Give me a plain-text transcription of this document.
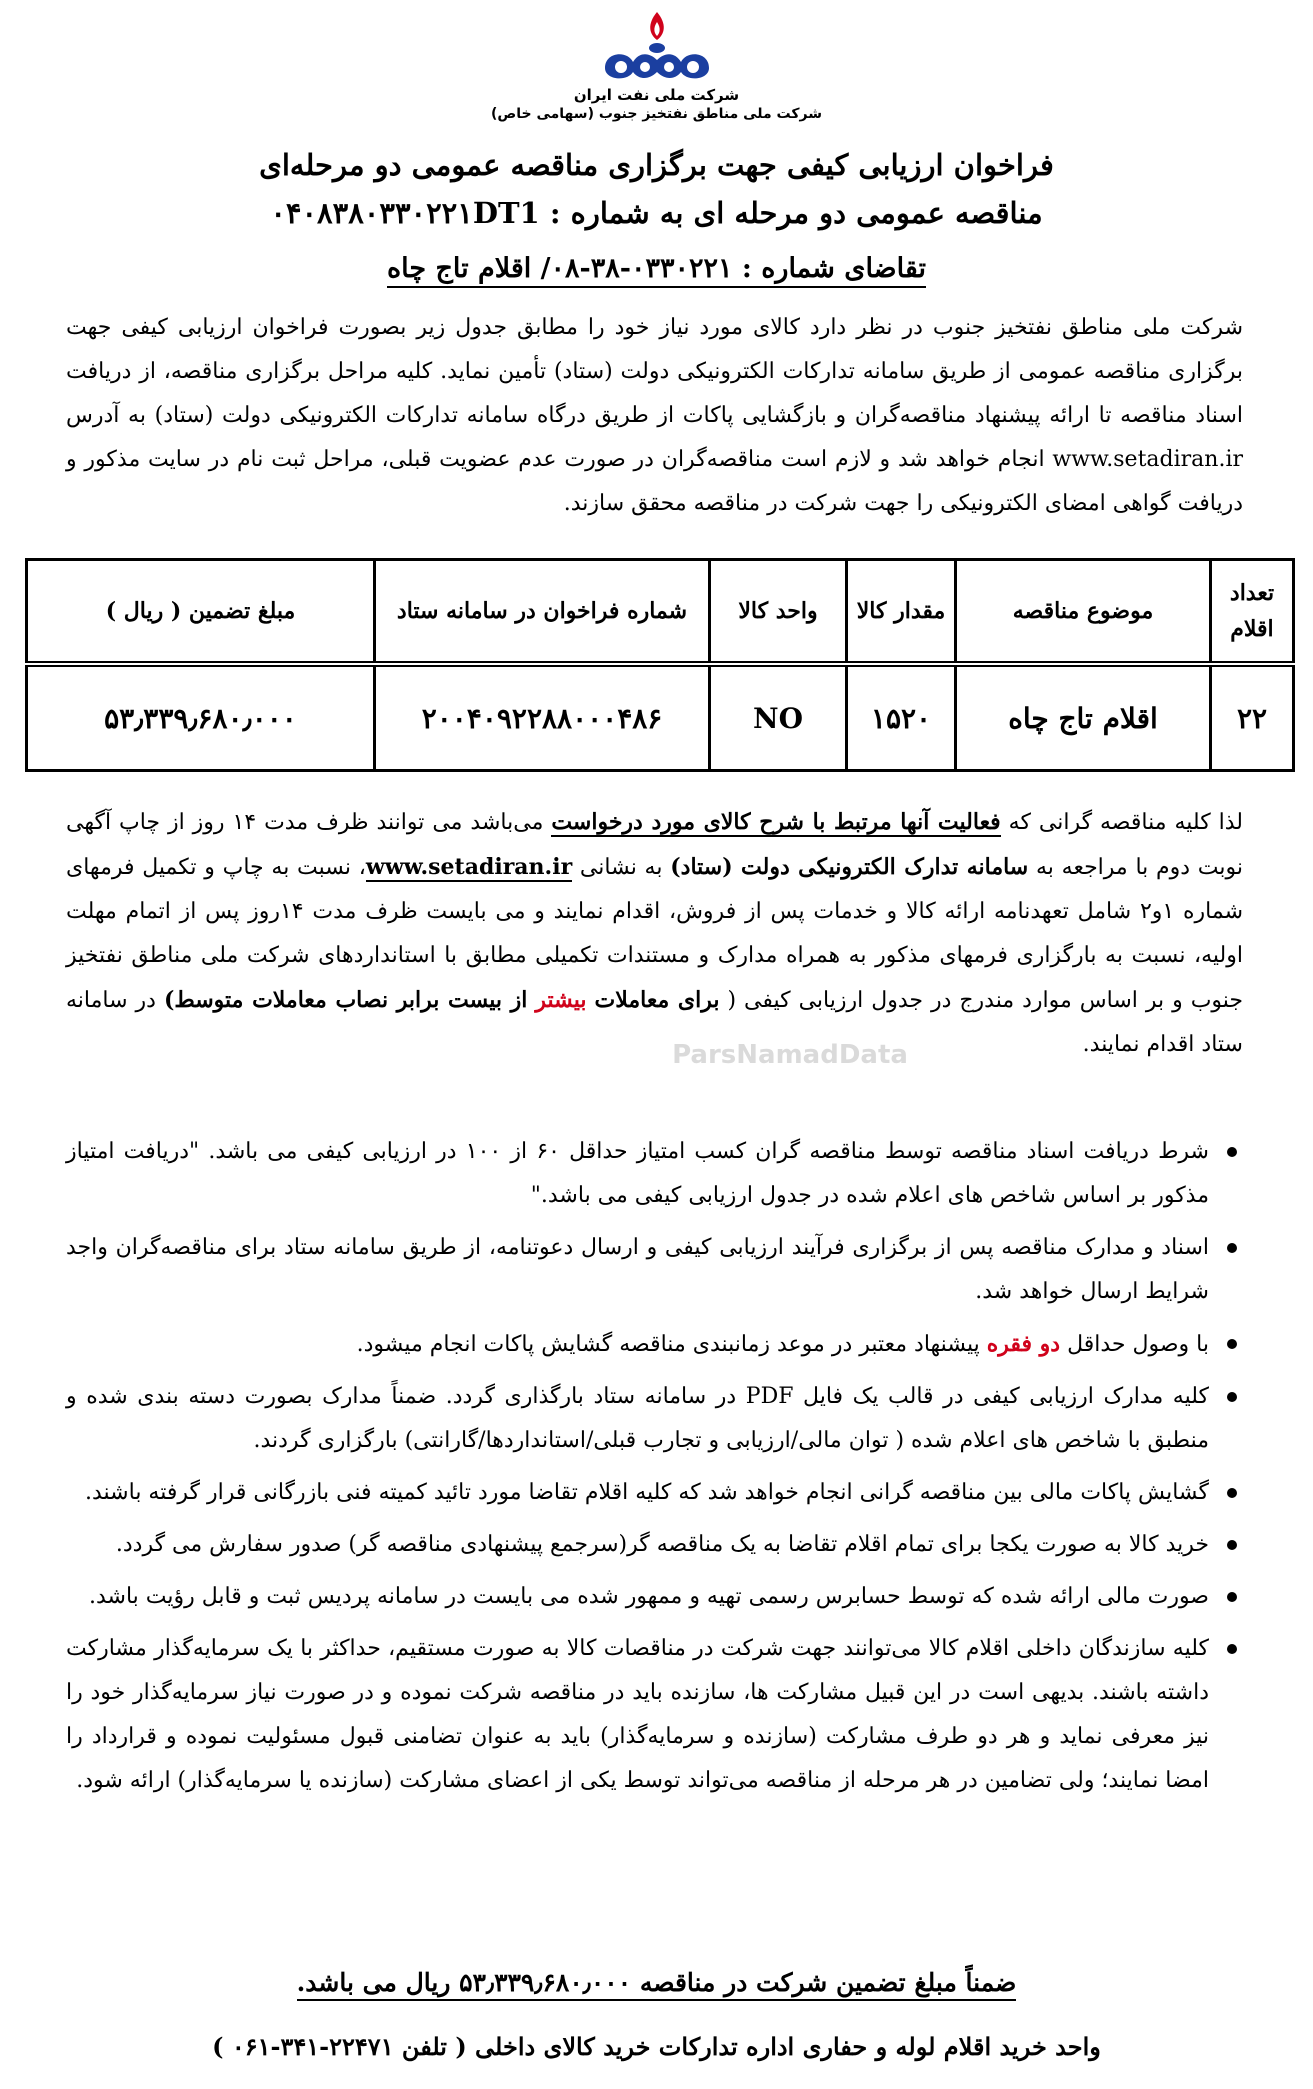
شرکت ملی نفت ایران
شرکت ملی مناطق نفتخیز جنوب (سهامی خاص)
فراخوان ارزیابی کیفی جهت برگزاری مناقصه عمومی دو مرحله‌ای
مناقصه عمومی دو مرحله ای به شماره : ۰۴۰۸۳۸۰۳۳۰۲۲۱DT1
تقاضای شماره : ۰۳۳۰۲۲۱-۳۸-۰۸/ اقلام تاج چاه
شرکت ملی مناطق نفتخیز جنوب در نظر دارد کالای مورد نیاز خود را مطابق جدول زیر بصورت فراخوان ارزیابی کیفی جهت برگزاری مناقصه عمومی از طریق سامانه تدارکات الکترونیکی دولت (ستاد) تأمین نماید. کلیه مراحل برگزاری مناقصه، از دریافت اسناد مناقصه تا ارائه پیشنهاد مناقصه‌گران و بازگشایی پاکات از طریق درگاه سامانه تدارکات الکترونیکی دولت (ستاد) به آدرس www.setadiran.ir انجام خواهد شد و لازم است مناقصه‌گران در صورت عدم عضویت قبلی، مراحل ثبت نام در سایت مذکور و دریافت گواهی امضای الکترونیکی را جهت شرکت در مناقصه محقق سازند.
تعداد اقلام	موضوع مناقصه	مقدار کالا	واحد کالا	شماره فراخوان در سامانه ستاد	مبلغ تضمین ( ریال )
۲۲	اقلام تاج چاه	۱۵۲۰	NO	۲۰۰۴۰۹۲۲۸۸۰۰۰۴۸۶	۵۳٫۳۳۹٫۶۸۰٫۰۰۰
لذا کلیه مناقصه گرانی که فعالیت آنها مرتبط با شرح کالای مورد درخواست می‌باشد می توانند ظرف مدت ۱۴ روز از چاپ آگهی نوبت دوم با مراجعه به سامانه تدارک الکترونیکی دولت (ستاد) به نشانی www.setadiran.ir، نسبت به چاپ و تکمیل فرمهای شماره ۱و۲ شامل تعهدنامه ارائه کالا و خدمات پس از فروش، اقدام نمایند و می بایست ظرف مدت ۱۴روز پس از اتمام مهلت اولیه، نسبت به بارگزاری فرمهای مذکور به همراه مدارک و مستندات تکمیلی مطابق با استانداردهای شرکت ملی مناطق نفتخیز جنوب و بر اساس موارد مندرج در جدول ارزیابی کیفی ( برای معاملات بیشتر از بیست برابر نصاب معاملات متوسط) در سامانه ستاد اقدام نمایند.
شرط دریافت اسناد مناقصه توسط مناقصه گران کسب امتیاز حداقل ۶۰ از ۱۰۰ در ارزیابی کیفی می باشد. "دریافت امتیاز مذکور بر اساس شاخص های اعلام شده در جدول ارزیابی کیفی می باشد."
اسناد و مدارک مناقصه پس از برگزاری فرآیند ارزیابی کیفی و ارسال دعوتنامه، از طریق سامانه ستاد برای مناقصه‌گران واجد شرایط ارسال خواهد شد.
با وصول حداقل دو فقره پیشنهاد معتبر در موعد زمانبندی مناقصه گشایش پاکات انجام میشود.
کلیه مدارک ارزیابی کیفی در قالب یک فایل PDF در سامانه ستاد بارگذاری گردد. ضمناً مدارک بصورت دسته بندی شده و منطبق با شاخص های اعلام شده ( توان مالی/ارزیابی و تجارب قبلی/استانداردها/گارانتی) بارگزاری گردند.
گشایش پاکات مالی بین مناقصه گرانی انجام خواهد شد که کلیه اقلام تقاضا مورد تائید کمیته فنی بازرگانی قرار گرفته باشند.
خرید کالا به صورت یکجا برای تمام اقلام تقاضا به یک مناقصه گر(سرجمع پیشنهادی مناقصه گر) صدور سفارش می گردد.
صورت مالی ارائه شده که توسط حسابرس رسمی تهیه و ممهور شده می بایست در سامانه پردیس ثبت و قابل رؤیت باشد.
کلیه سازندگان داخلی اقلام کالا می‌توانند جهت شرکت در مناقصات کالا به صورت مستقیم، حداکثر با یک سرمایه‌گذار مشارکت داشته باشند. بدیهی است در این قبیل مشارکت ها، سازنده باید در مناقصه شرکت نموده و در صورت نیاز سرمایه‌گذار خود را نیز معرفی نماید و هر دو طرف مشارکت (سازنده و سرمایه‌گذار) باید به عنوان تضامنی قبول مسئولیت نموده و قرارداد را امضا نمایند؛ ولی تضامین در هر مرحله از مناقصه می‌تواند توسط یکی از اعضای مشارکت (سازنده یا سرمایه‌گذار) ارائه شود.
ParsNamadData
ضمناً مبلغ تضمین شرکت در مناقصه ۵۳٫۳۳۹٫۶۸۰٫۰۰۰ ریال می باشد.
واحد خرید اقلام لوله و حفاری اداره تدارکات خرید کالای داخلی ( تلفن ۲۲۴۷۱-۳۴۱-۰۶۱ )
